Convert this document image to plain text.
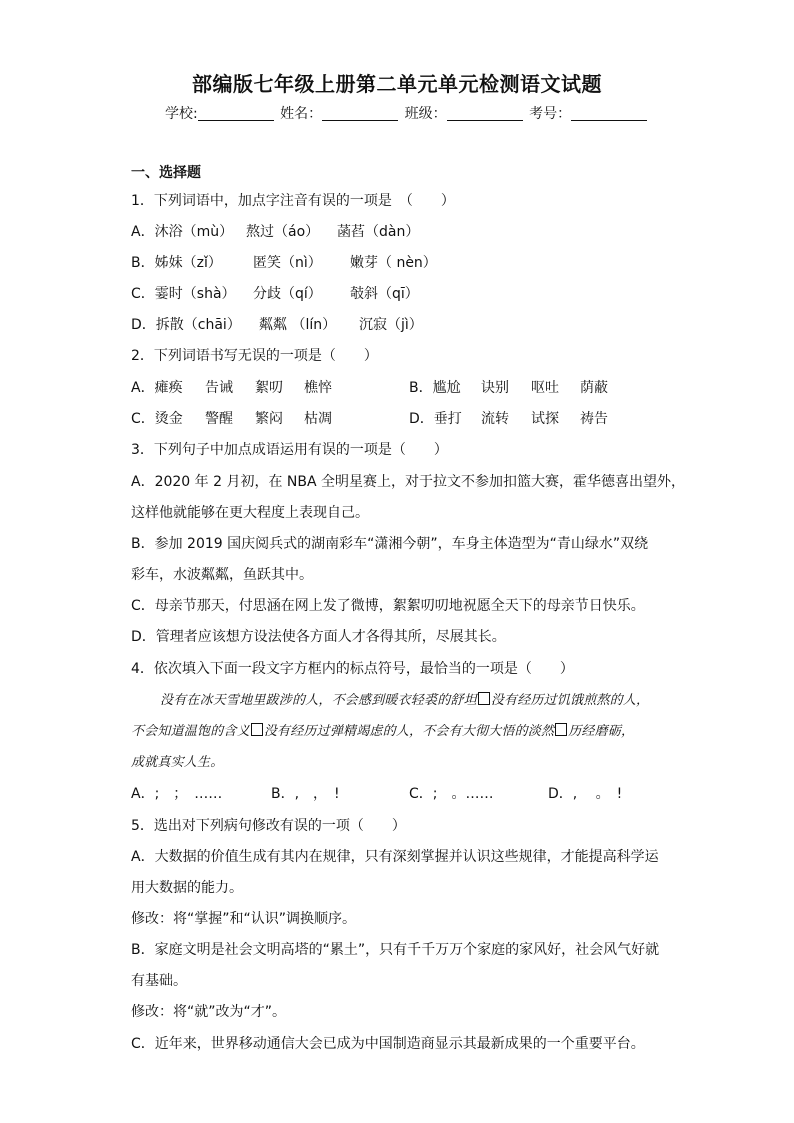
部编版七年级上册第二单元单元检测语文试题
学校:	姓名：	班级：	考号：
一、选择题
1．下列词语中，加点字注音有误的一项是　（　　）
A．沐浴（mù） 熬过（áo） 菡萏（dàn）
B．姊妹（zǐ） 匿笑（nì） 嫩芽（ nèn）
C．霎时（shà） 分歧（qí） 攲斜（qī）
D．拆散（chāi） 粼粼 （lín） 沉寂（jì）
2．下列词语书写无误的一项是（　　）
A．瘫痪 告诫 絮叨 樵悴	B．尴尬 诀别 呕吐 荫蔽
C．烫金 警醒 繁闷 枯凋	D．垂打 流转 试探 祷告
3．下列句子中加点成语运用有误的一项是（　　）
A．2020 年 2 月初，在 NBA 全明星赛上，对于拉文不参加扣篮大赛，霍华德喜出望外，
这样他就能够在更大程度上表现自己。
B．参加 2019 国庆阅兵式的湖南彩车“潇湘今朝”，车身主体造型为“青山绿水”双绕
彩车，水波粼粼，鱼跃其中。
C．母亲节那天，付思涵在网上发了微博，絮絮叨叨地祝愿全天下的母亲节日快乐。
D．管理者应该想方设法使各方面人才各得其所，尽展其长。
4．依次填入下面一段文字方框内的标点符号，最恰当的一项是（　　）
没有在冰天雪地里跋涉的人，不会感到暖衣轻裘的舒坦 没有经历过饥饿煎熬的人，
不会知道温饱的含义 没有经历过弹精竭虑的人，不会有大彻大悟的淡然 历经磨砺，
成就真实人生。
A．;　；　……	B．,　，　!	C．;　。……	D．,　 。　!
5．选出对下列病句修改有误的一项（　　）
A．大数据的价值生成有其内在规律，只有深刻掌握并认识这些规律，才能提高科学运
用大数据的能力。
修改：将“掌握”和“认识”调换顺序。
B．家庭文明是社会文明高塔的“累土”，只有千千万万个家庭的家风好，社会风气好就
有基础。
修改：将“就”改为“才”。
C．近年来，世界移动通信大会已成为中国制造商显示其最新成果的一个重要平台。
